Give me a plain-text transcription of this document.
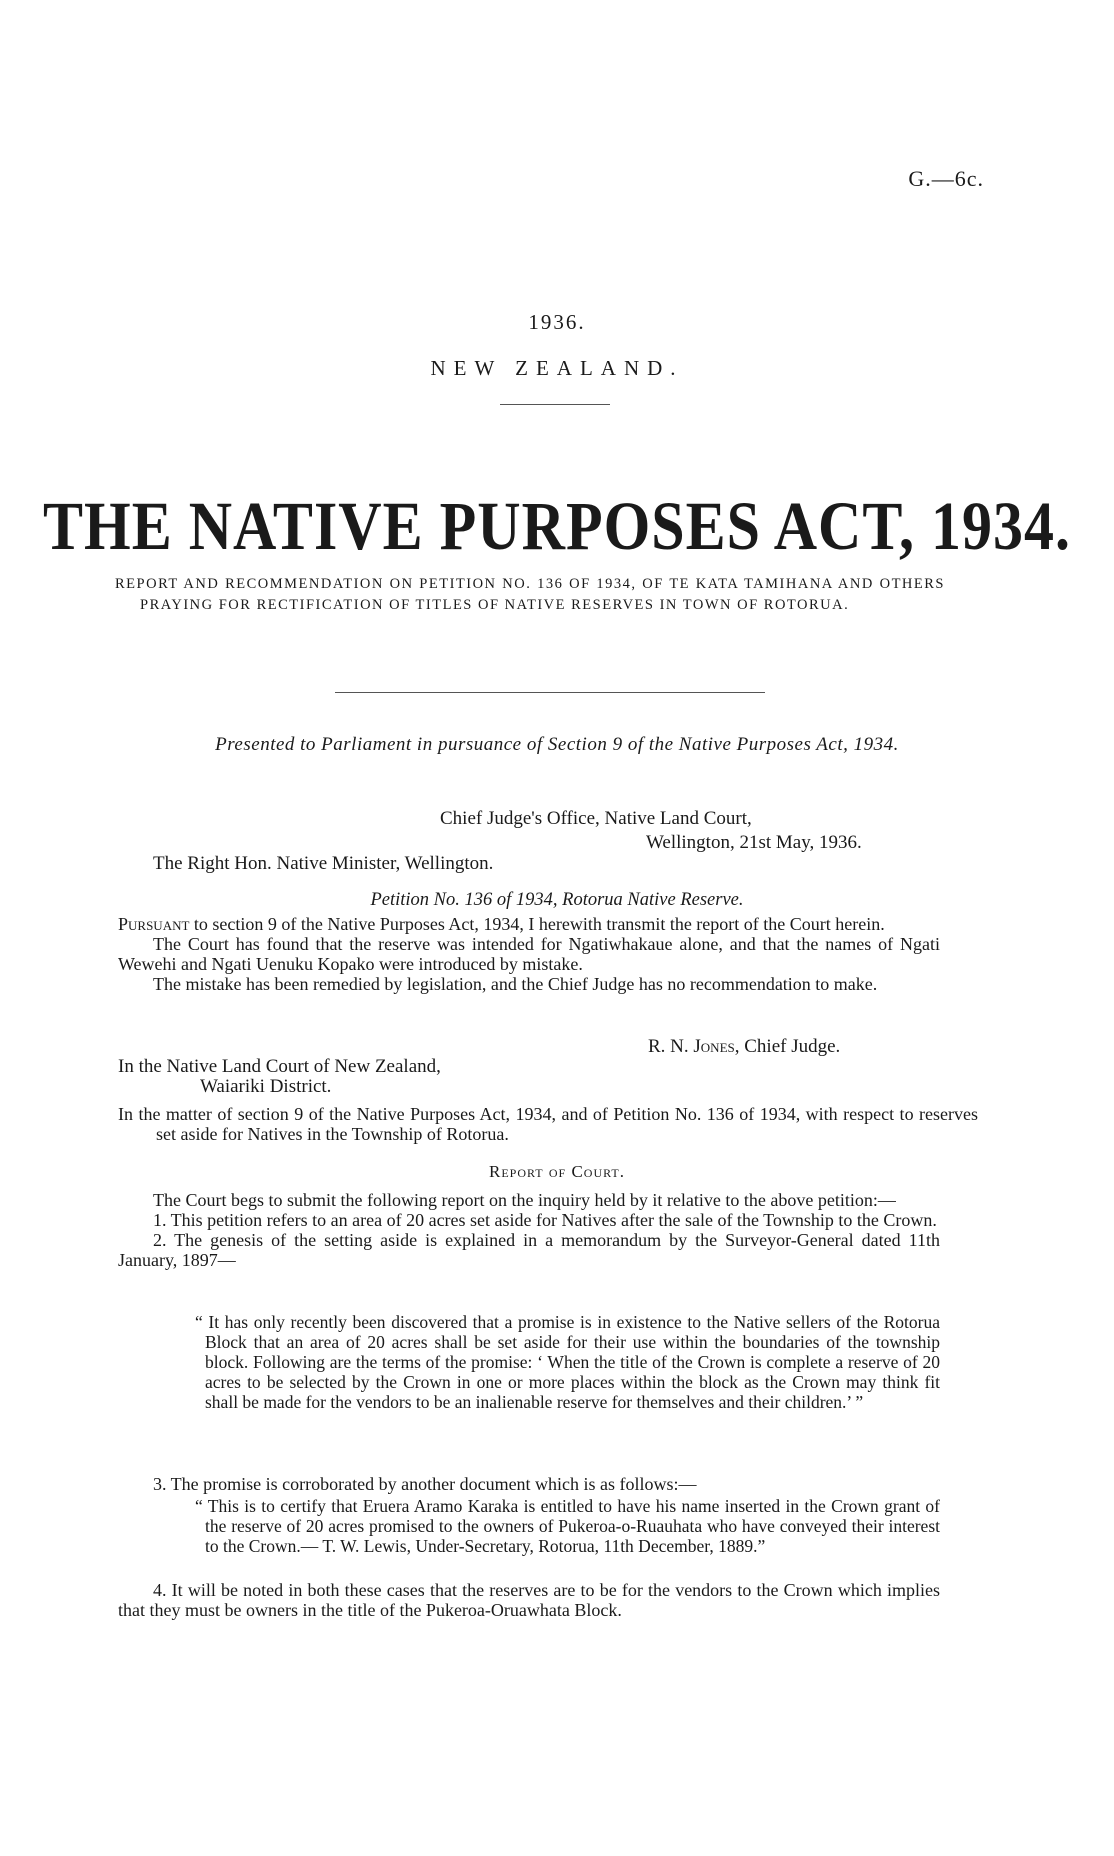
G.—6c.
1936.
NEW ZEALAND.
THE NATIVE PURPOSES ACT, 1934.
REPORT AND RECOMMENDATION ON PETITION NO. 136 OF 1934, OF TE KATA TAMIHANA AND OTHERS PRAYING FOR RECTIFICATION OF TITLES OF NATIVE RESERVES IN TOWN OF ROTORUA.
Presented to Parliament in pursuance of Section 9 of the Native Purposes Act, 1934.
Chief Judge's Office, Native Land Court,
Wellington, 21st May, 1936.
The Right Hon. Native Minister, Wellington.
Petition No. 136 of 1934, Rotorua Native Reserve.
Pursuant to section 9 of the Native Purposes Act, 1934, I herewith transmit the report of the Court herein.
The Court has found that the reserve was intended for Ngatiwhakaue alone, and that the names of Ngati Wewehi and Ngati Uenuku Kopako were introduced by mistake.
The mistake has been remedied by legislation, and the Chief Judge has no recommendation to make.
R. N. Jones, Chief Judge.
In the Native Land Court of New Zealand,
Waiariki District.
In the matter of section 9 of the Native Purposes Act, 1934, and of Petition No. 136 of 1934, with respect to reserves set aside for Natives in the Township of Rotorua.
Report of Court.
The Court begs to submit the following report on the inquiry held by it relative to the above petition:—
1. This petition refers to an area of 20 acres set aside for Natives after the sale of the Township to the Crown.
2. The genesis of the setting aside is explained in a memorandum by the Surveyor-General dated 11th January, 1897—
“ It has only recently been discovered that a promise is in existence to the Native sellers of the Rotorua Block that an area of 20 acres shall be set aside for their use within the boundaries of the township block. Following are the terms of the promise: ‘ When the title of the Crown is complete a reserve of 20 acres to be selected by the Crown in one or more places within the block as the Crown may think fit shall be made for the vendors to be an inalienable reserve for themselves and their children.’ ”
3. The promise is corroborated by another document which is as follows:—
“ This is to certify that Eruera Aramo Karaka is entitled to have his name inserted in the Crown grant of the reserve of 20 acres promised to the owners of Pukeroa-o-Ruauhata who have conveyed their interest to the Crown.— T. W. Lewis, Under-Secretary, Rotorua, 11th December, 1889.”
4. It will be noted in both these cases that the reserves are to be for the vendors to the Crown which implies that they must be owners in the title of the Pukeroa-Oruawhata Block.
